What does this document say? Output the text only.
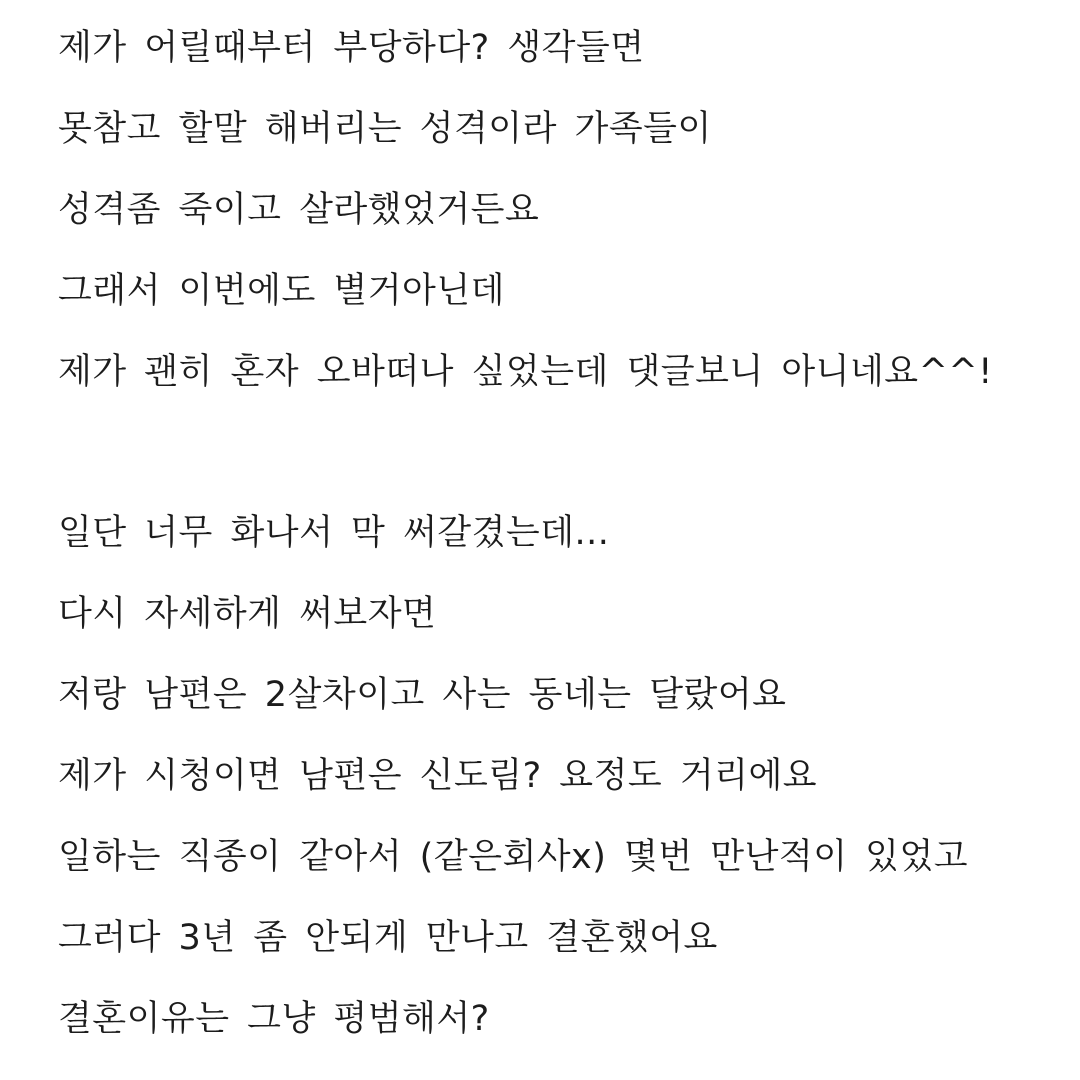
제가 어릴때부터 부당하다? 생각들면
못참고 할말 해버리는 성격이라 가족들이
성격좀 죽이고 살라했었거든요
그래서 이번에도 별거아닌데
제가 괜히 혼자 오바떠나 싶었는데 댓글보니 아니네요^^!
일단 너무 화나서 막 써갈겼는데...
다시 자세하게 써보자면
저랑 남편은 2살차이고 사는 동네는 달랐어요
제가 시청이면 남편은 신도림? 요정도 거리에요
일하는 직종이 같아서 (같은회사x) 몇번 만난적이 있었고
그러다 3년 좀 안되게 만나고 결혼했어요
결혼이유는 그냥 평범해서?
